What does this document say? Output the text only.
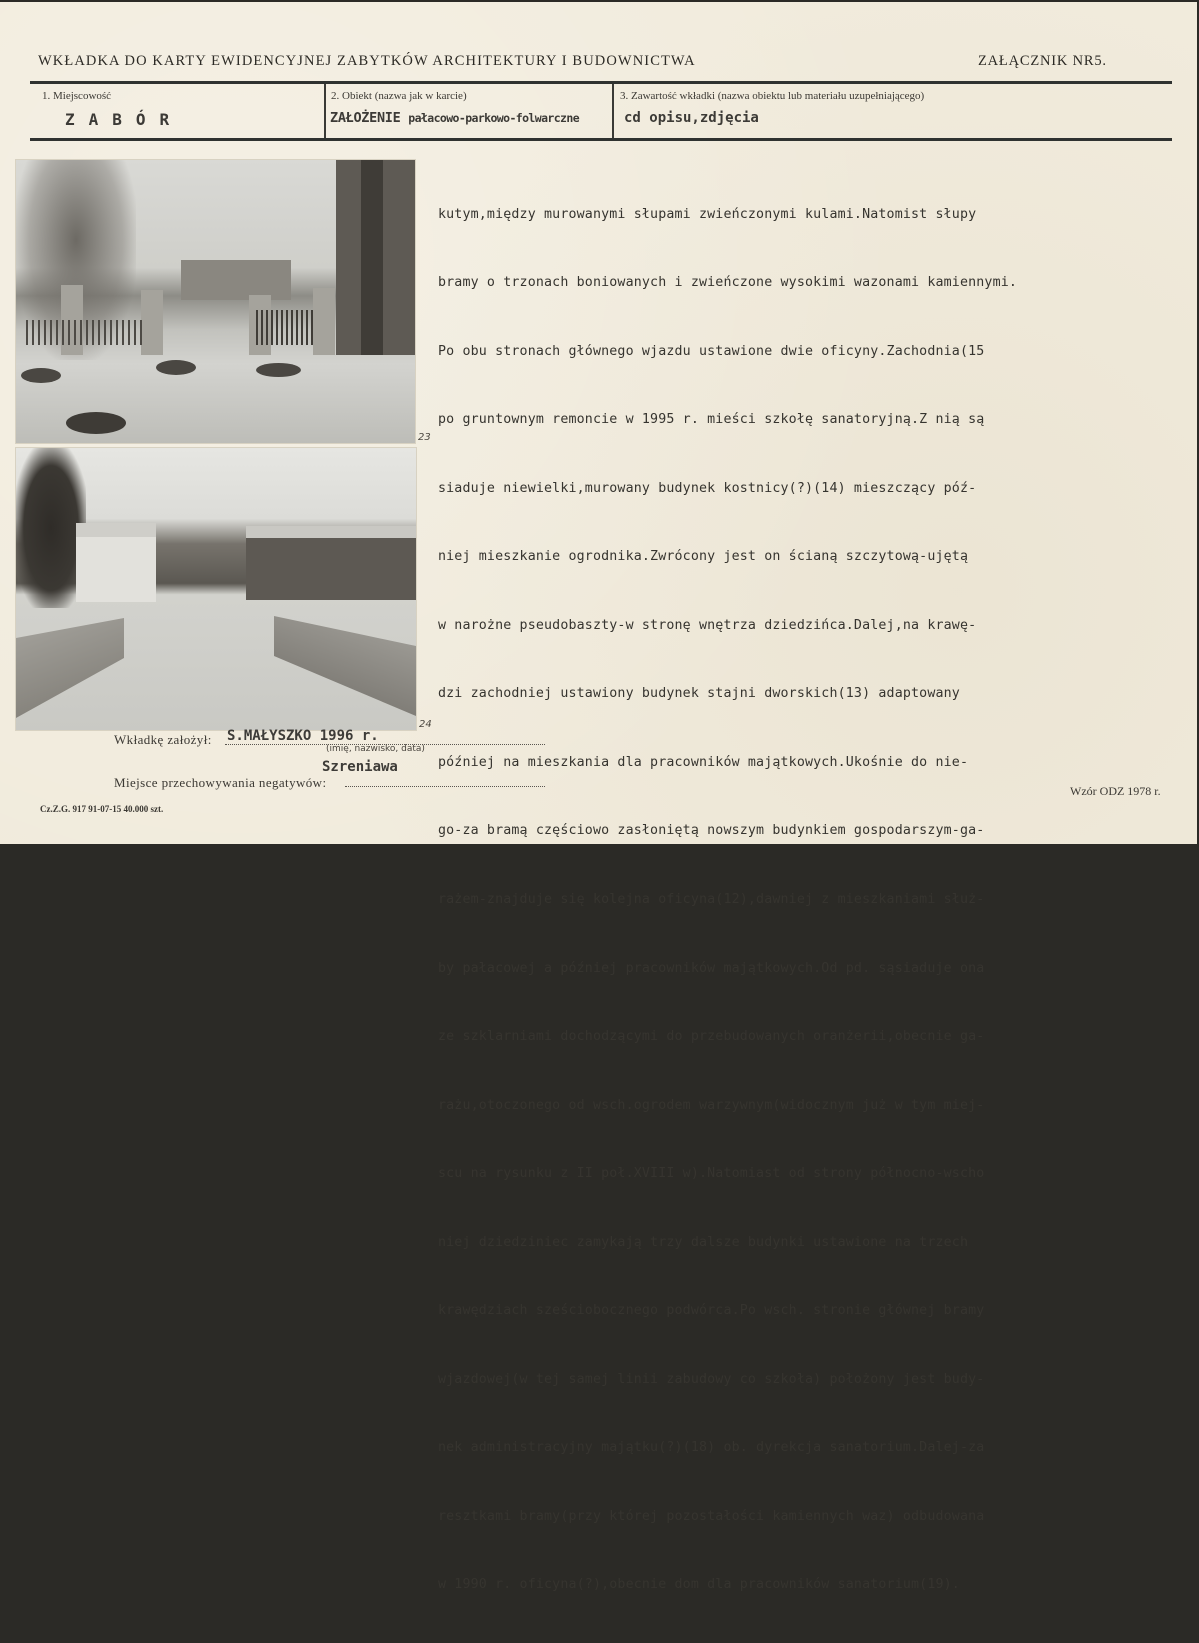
WKŁADKA DO KARTY EWIDENCYJNEJ ZABYTKÓW ARCHITEKTURY I BUDOWNICTWA	ZAŁĄCZNIK NR5.
1. Miejscowość
ZABÓR
2. Obiekt (nazwa jak w karcie)
ZAŁOŻENIE pałacowo-parkowo-folwarczne
3. Zawartość wkładki (nazwa obiektu lub materiału uzupełniającego)
cd opisu,zdjęcia
23
24

kutym,między murowanymi słupami zwieńczonymi kulami.Natomist słupy

bramy o trzonach boniowanych i zwieńczone wysokimi wazonami kamiennymi.

Po obu stronach głównego wjazdu ustawione dwie oficyny.Zachodnia(15

po gruntownym remoncie w 1995 r. mieści szkołę sanatoryjną.Z nią są

siaduje niewielki,murowany budynek kostnicy(?)(14) mieszczący póź-

niej mieszkanie ogrodnika.Zwrócony jest on ścianą szczytową-ujętą

w narożne pseudobaszty-w stronę wnętrza dziedzińca.Dalej,na krawę-

dzi zachodniej ustawiony budynek stajni dworskich(13) adaptowany

później na mieszkania dla pracowników majątkowych.Ukośnie do nie-

go-za bramą częściowo zasłoniętą nowszym budynkiem gospodarszym-ga-

rażem-znajduje się kolejna oficyna(12),dawniej z mieszkaniami służ-

by pałacowej a później pracowników majątkowych.Od pd. sąsiaduje ona

ze szklarniami dochodzącymi do przebudowanych oranżerii,obecnie ga-

rażu,otoczonego od wsch.ogrodem warzywnym(widocznym już w tym miej-

scu na rysunku z II poł.XVIII w).Natomiast od strony północno-wscho

niej dziedziniec zamykają trzy dalsze budynki ustawione na trzech

krawędziach sześciobocznego podwórca.Po wsch. stronie głównej bramy

wjazdowej(w tej samej linii zabudowy co szkoła) położony jest budy-

nek administracyjny majątku(?)(18) ob. dyrekcja sanatorium.Dalej-za

resztkami bramy(przy której pozostałości kamiennych waz) odbudowana

w 1990 r. oficyna(?),obecnie dom dla pracowników sanatorium(19).

Wkładkę założył: S.MAŁYSZKO 1996 r.
(imię, nazwisko, data)
Szreniawa
Miejsce przechowywania negatywów:
Cz.Z.G. 917 91-07-15 40.000 szt.
Wzór ODZ 1978 r.
